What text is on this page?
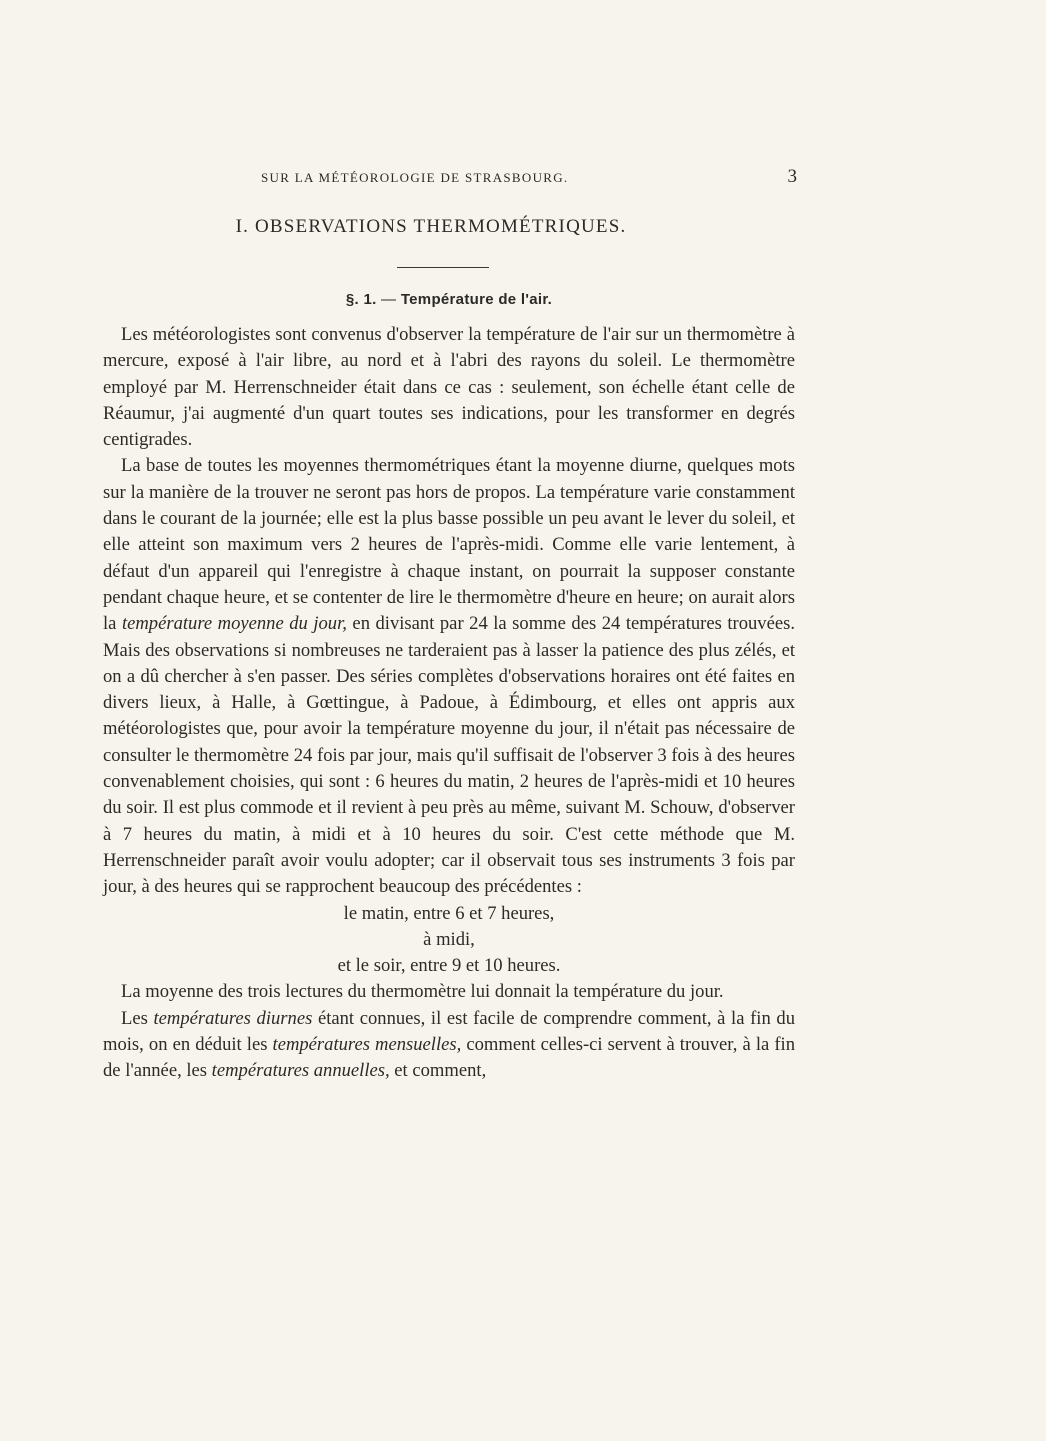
SUR LA MÉTÉOROLOGIE DE STRASBOURG.	3
I. OBSERVATIONS THERMOMÉTRIQUES.
§. 1. — Température de l'air.

Les météorologistes sont convenus d'observer la température de l'air sur un thermomètre à mercure, exposé à l'air libre, au nord et à l'abri des rayons du soleil. Le thermomètre employé par M. Herrenschneider était dans ce cas : seulement, son échelle étant celle de Réaumur, j'ai augmenté d'un quart toutes ses indications, pour les transformer en degrés centigrades.

La base de toutes les moyennes thermométriques étant la moyenne diurne, quelques mots sur la manière de la trouver ne seront pas hors de propos. La température varie constamment dans le courant de la journée; elle est la plus basse possible un peu avant le lever du soleil, et elle atteint son maximum vers 2 heures de l'après-midi. Comme elle varie lentement, à défaut d'un appareil qui l'enregistre à chaque instant, on pourrait la supposer constante pendant chaque heure, et se contenter de lire le thermomètre d'heure en heure; on aurait alors la température moyenne du jour, en divisant par 24 la somme des 24 températures trouvées. Mais des observations si nombreuses ne tarderaient pas à lasser la patience des plus zélés, et on a dû chercher à s'en passer. Des séries complètes d'observations horaires ont été faites en divers lieux, à Halle, à Gœttingue, à Padoue, à Édimbourg, et elles ont appris aux météorologistes que, pour avoir la température moyenne du jour, il n'était pas nécessaire de consulter le thermomètre 24 fois par jour, mais qu'il suffisait de l'observer 3 fois à des heures convenablement choisies, qui sont : 6 heures du matin, 2 heures de l'après-midi et 10 heures du soir. Il est plus commode et il revient à peu près au même, suivant M. Schouw, d'observer à 7 heures du matin, à midi et à 10 heures du soir. C'est cette méthode que M. Herrenschneider paraît avoir voulu adopter; car il observait tous ses instruments 3 fois par jour, à des heures qui se rapprochent beaucoup des précédentes :

le matin, entre 6 et 7 heures,

à midi,

et le soir, entre 9 et 10 heures.

La moyenne des trois lectures du thermomètre lui donnait la température du jour.

Les températures diurnes étant connues, il est facile de comprendre comment, à la fin du mois, on en déduit les températures mensuelles, comment celles-ci servent à trouver, à la fin de l'année, les températures annuelles, et comment,
